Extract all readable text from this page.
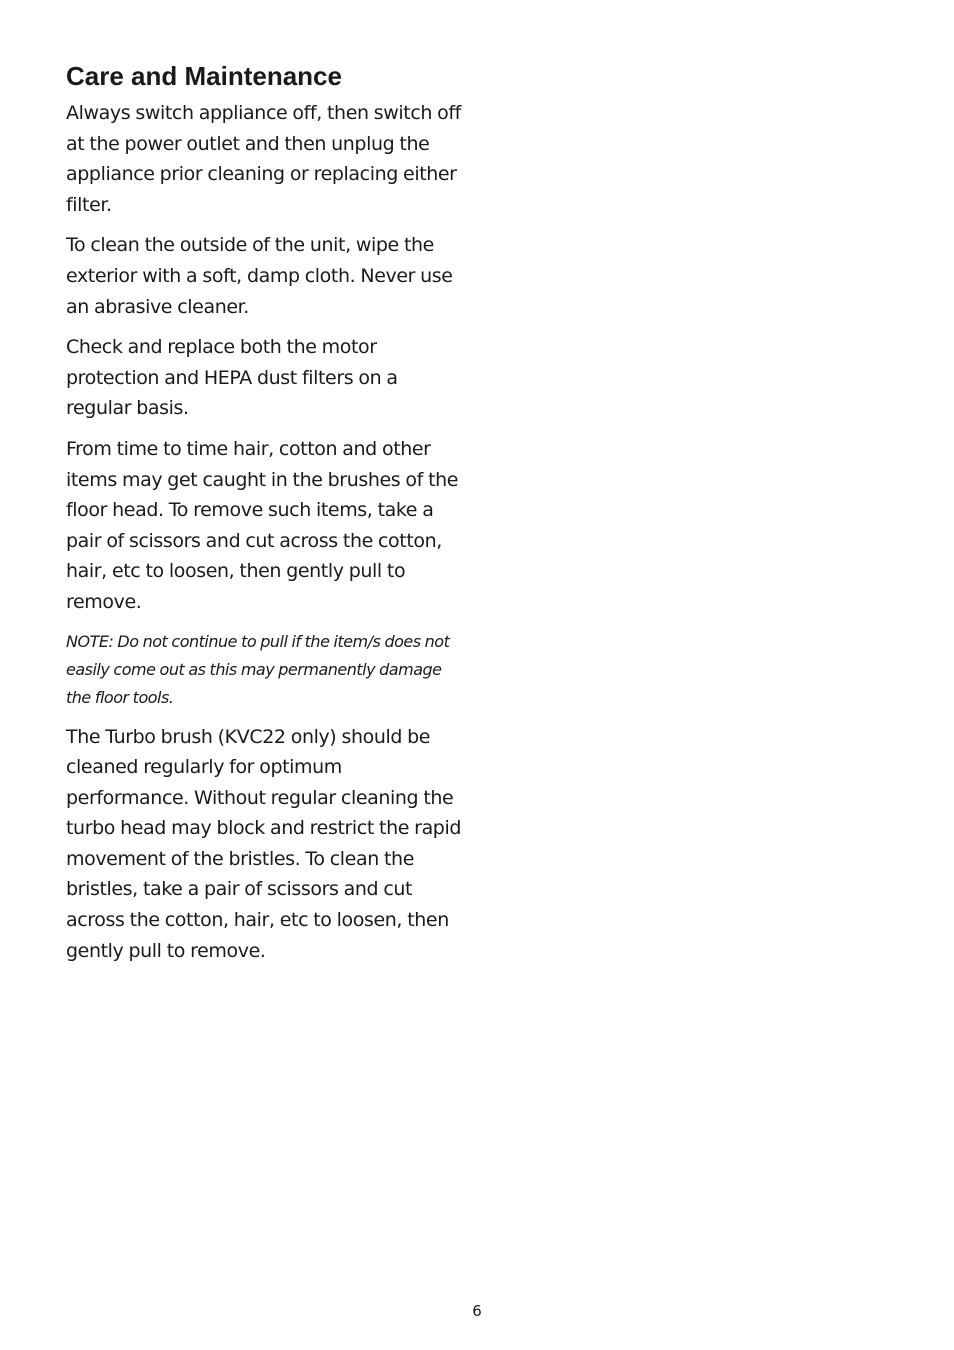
Care and Maintenance

Always switch appliance off, then switch off at the power outlet and then unplug the appliance prior cleaning or replacing either filter.

To clean the outside of the unit, wipe the exterior with a soft, damp cloth. Never use an abrasive cleaner.

Check and replace both the motor protection and HEPA dust filters on a regular basis.

From time to time hair, cotton and other items may get caught in the brushes of the floor head. To remove such items, take a pair of scissors and cut across the cotton, hair, etc to loosen, then gently pull to remove.

NOTE: Do not continue to pull if the item/s does not easily come out as this may permanently damage the floor tools.

The Turbo brush (KVC22 only) should be cleaned regularly for optimum performance. Without regular cleaning the turbo head may block and restrict the rapid movement of the bristles. To clean the bristles, take a pair of scissors and cut across the cotton, hair, etc to loosen, then gently pull to remove.

6
